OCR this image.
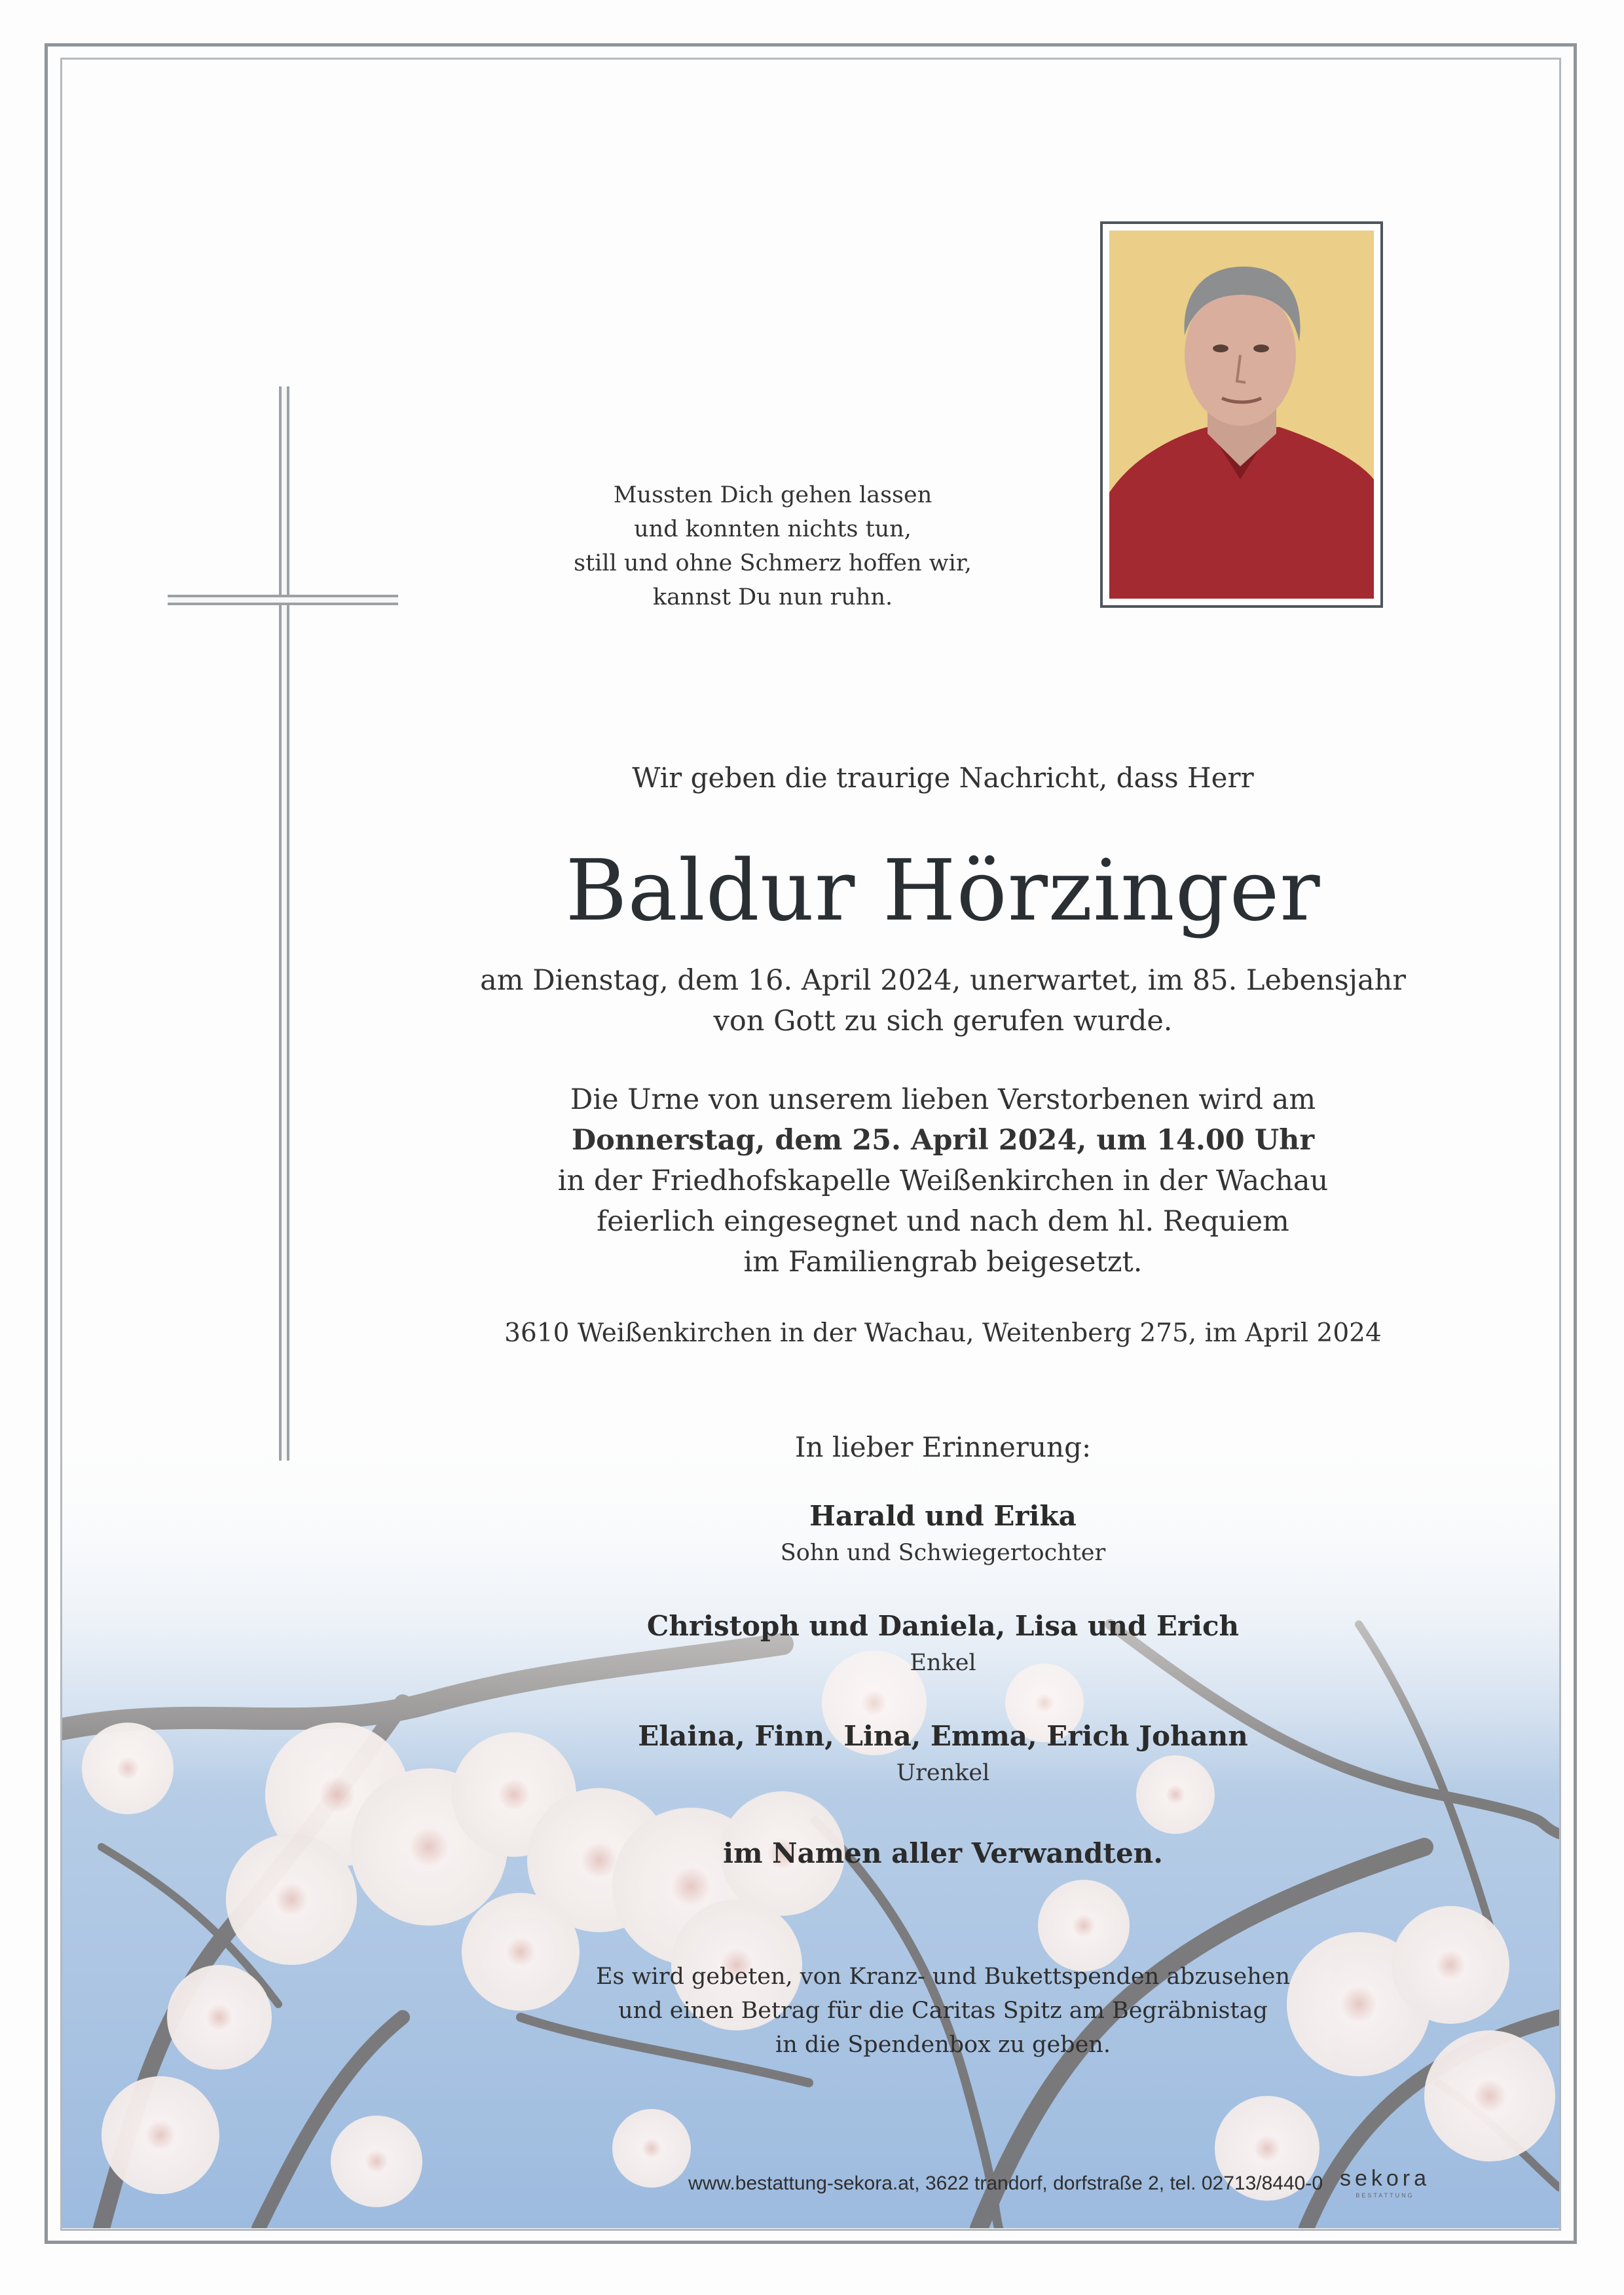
Mussten Dich gehen lassen
und konnten nichts tun,
still und ohne Schmerz hoffen wir,
kannst Du nun ruhn.
Wir geben die traurige Nachricht, dass Herr
Baldur Hörzinger
am Dienstag, dem 16. April 2024, unerwartet, im 85. Lebensjahr
von Gott zu sich gerufen wurde.
Die Urne von unserem lieben Verstorbenen wird am
Donnerstag, dem 25. April 2024, um 14.00 Uhr
in der Friedhofskapelle Weißenkirchen in der Wachau
feierlich eingesegnet und nach dem hl. Requiem
im Familiengrab beigesetzt.
3610 Weißenkirchen in der Wachau, Weitenberg 275, im April 2024
In lieber Erinnerung:
Harald und Erika
Sohn und Schwiegertochter
Christoph und Daniela, Lisa und Erich
Enkel
Elaina, Finn, Lina, Emma, Erich Johann
Urenkel
im Namen aller Verwandten.
Es wird gebeten, von Kranz- und Bukettspenden abzusehen
und einen Betrag für die Caritas Spitz am Begräbnistag
in die Spendenbox zu geben.
www.bestattung-sekora.at, 3622 trandorf, dorfstraße 2, tel. 02713/8440-0 sekora
BESTATTUNG
